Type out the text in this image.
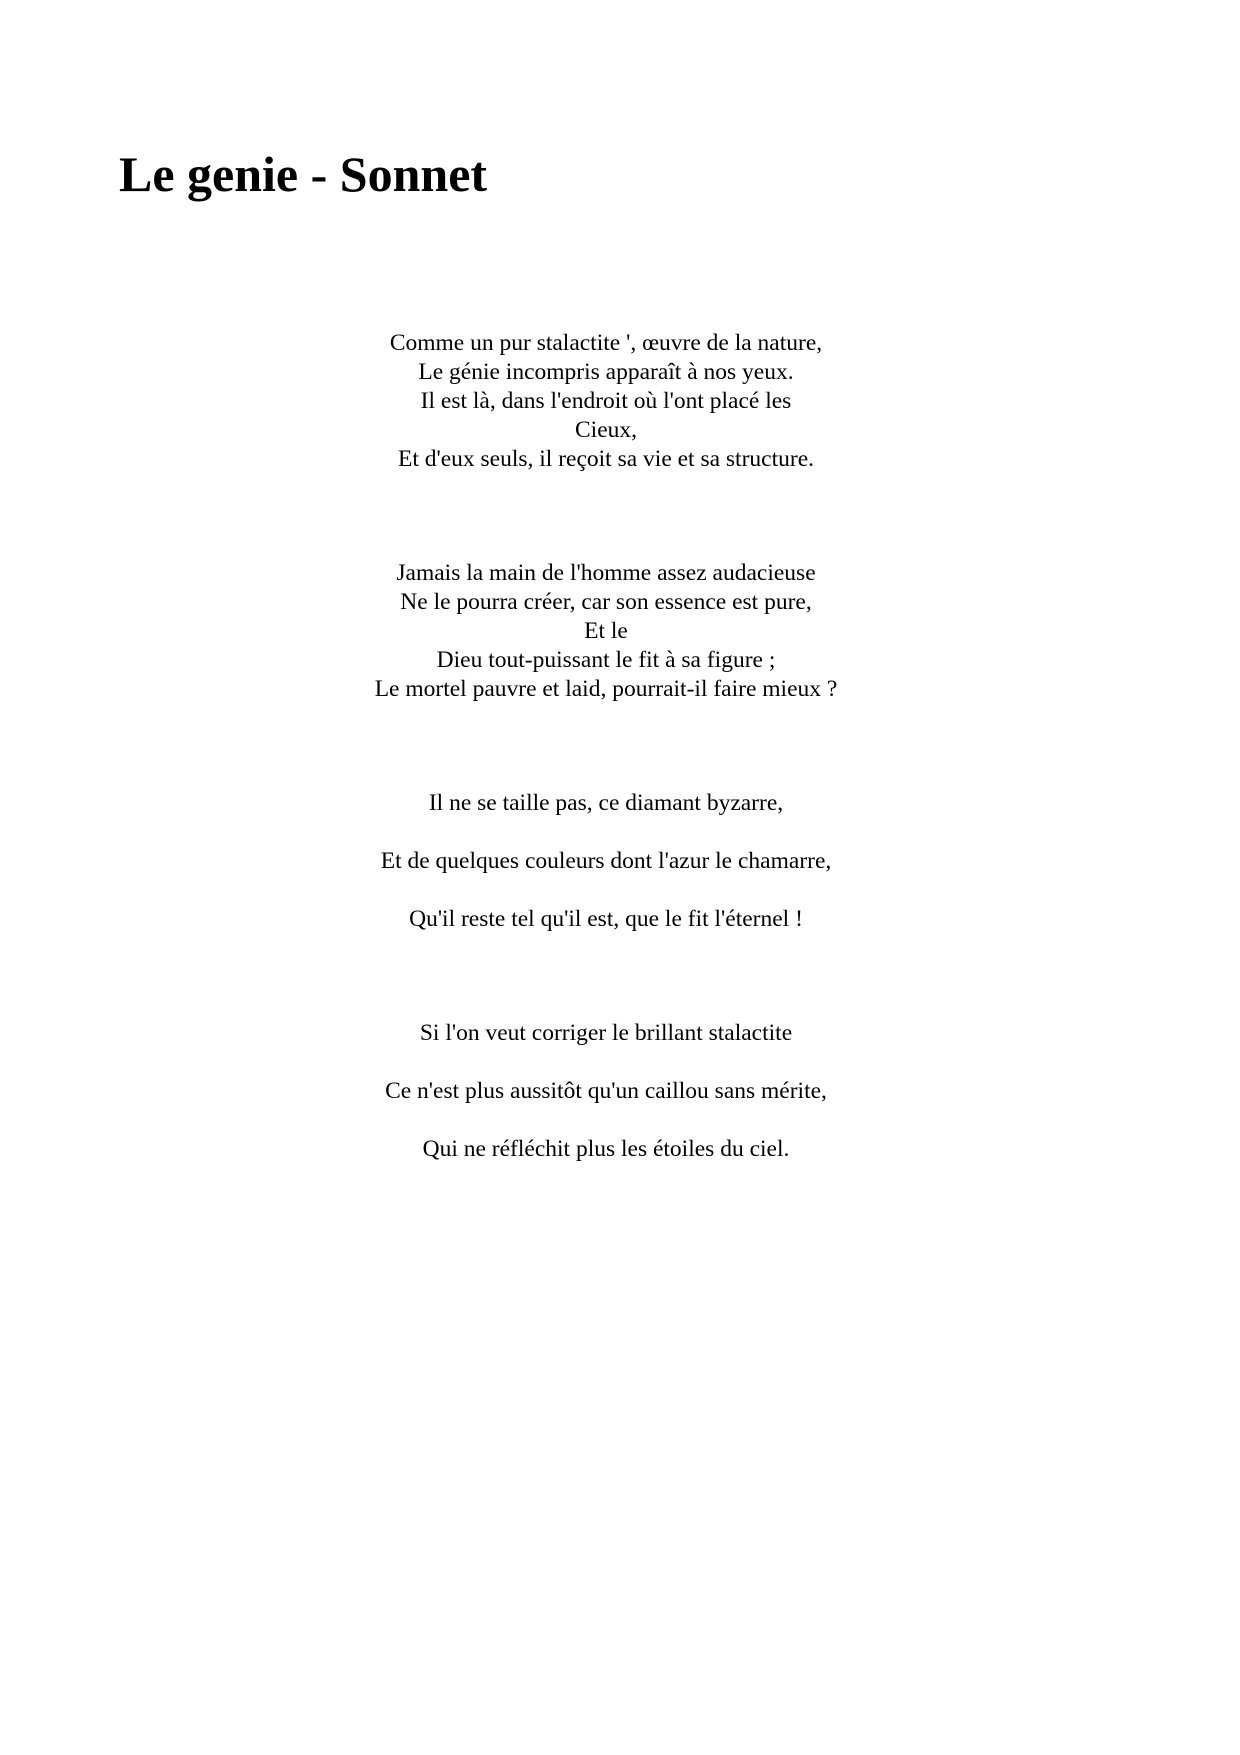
Le genie - Sonnet
Comme un pur stalactite ', œuvre de la nature,
Le génie incompris apparaît à nos yeux.
Il est là, dans l'endroit où l'ont placé les
Cieux,
Et d'eux seuls, il reçoit sa vie et sa structure.
Jamais la main de l'homme assez audacieuse
Ne le pourra créer, car son essence est pure,
Et le
Dieu tout-puissant le fit à sa figure ;
Le mortel pauvre et laid, pourrait-il faire mieux ?
Il ne se taille pas, ce diamant byzarre,
Et de quelques couleurs dont l'azur le chamarre,
Qu'il reste tel qu'il est, que le fit l'éternel !
Si l'on veut corriger le brillant stalactite
Ce n'est plus aussitôt qu'un caillou sans mérite,
Qui ne réfléchit plus les étoiles du ciel.
